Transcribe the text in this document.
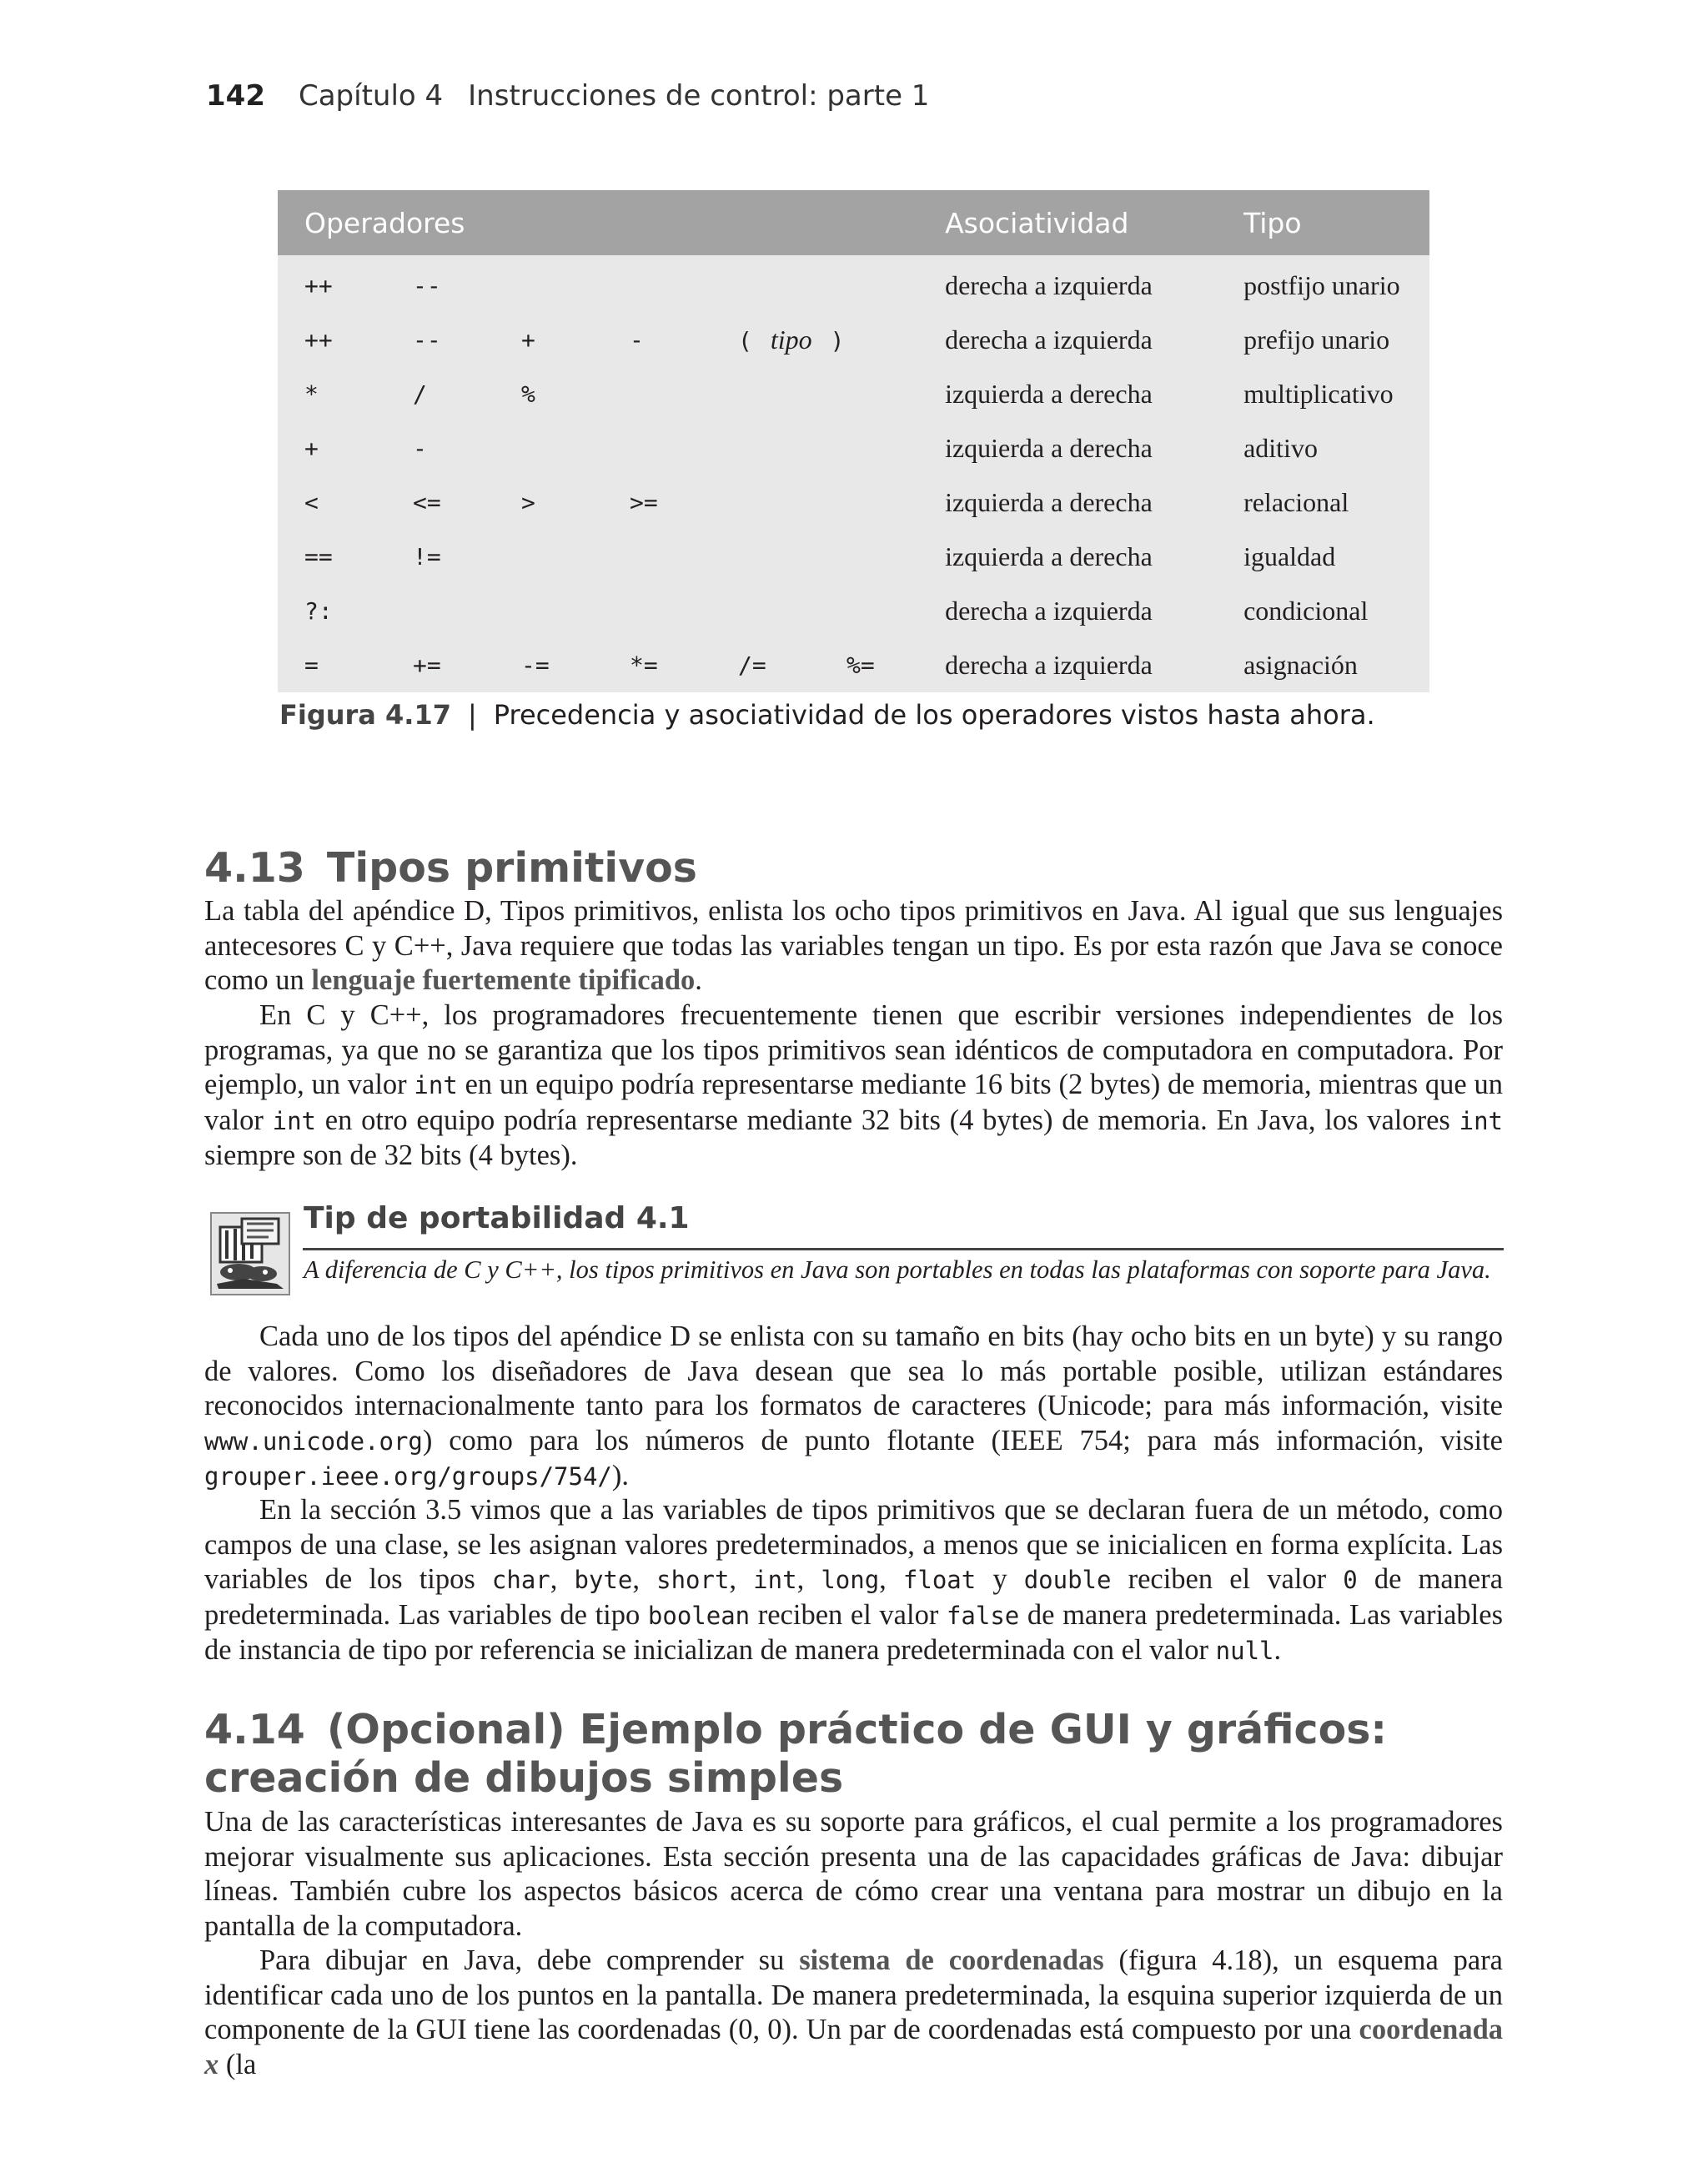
142 Capítulo 4 Instrucciones de control: parte 1
Operadores						Asociatividad	Tipo
++	--					derecha a izquierda	postfijo unario
++	--	+	-	( tipo )		derecha a izquierda	prefijo unario
*	/	%				izquierda a derecha	multiplicativo
+	-					izquierda a derecha	aditivo
<	<=	>	>=			izquierda a derecha	relacional
==	!=					izquierda a derecha	igualdad
?:						derecha a izquierda	condicional
=	+=	-=	*=	/=	%=	derecha a izquierda	asignación
Figura 4.17 | Precedencia y asociatividad de los operadores vistos hasta ahora.
4.13 Tipos primitivos

La tabla del apéndice D, Tipos primitivos, enlista los ocho tipos primitivos en Java. Al igual que sus lenguajes antecesores C y C++, Java requiere que todas las variables tengan un tipo. Es por esta razón que Java se conoce como un lenguaje fuertemente tipificado.

En C y C++, los programadores frecuentemente tienen que escribir versiones independientes de los programas, ya que no se garantiza que los tipos primitivos sean idénticos de computadora en computadora. Por ejemplo, un valor int en un equipo podría representarse mediante 16 bits (2 bytes) de memoria, mientras que un valor int en otro equipo podría representarse mediante 32 bits (4 bytes) de memoria. En Java, los valores int siempre son de 32 bits (4 bytes).

Tip de portabilidad 4.1
A diferencia de C y C++, los tipos primitivos en Java son portables en todas las plataformas con soporte para Java.

Cada uno de los tipos del apéndice D se enlista con su tamaño en bits (hay ocho bits en un byte) y su rango de valores. Como los diseñadores de Java desean que sea lo más portable posible, utilizan estándares reconocidos internacionalmente tanto para los formatos de caracteres (Unicode; para más información, visite www.unicode.org) como para los números de punto flotante (IEEE 754; para más información, visite grouper.ieee.org/groups/754/).

En la sección 3.5 vimos que a las variables de tipos primitivos que se declaran fuera de un método, como campos de una clase, se les asignan valores predeterminados, a menos que se inicialicen en forma explícita. Las variables de los tipos char, byte, short, int, long, float y double reciben el valor 0 de manera predeterminada. Las variables de tipo boolean reciben el valor false de manera predeterminada. Las variables de instancia de tipo por referencia se inicializan de manera predeterminada con el valor null.

4.14 (Opcional) Ejemplo práctico de GUI y gráficos:
creación de dibujos simples

Una de las características interesantes de Java es su soporte para gráficos, el cual permite a los programadores mejorar visualmente sus aplicaciones. Esta sección presenta una de las capacidades gráficas de Java: dibujar líneas. También cubre los aspectos básicos acerca de cómo crear una ventana para mostrar un dibujo en la pantalla de la computadora.

Para dibujar en Java, debe comprender su sistema de coordenadas (figura 4.18), un esquema para identificar cada uno de los puntos en la pantalla. De manera predeterminada, la esquina superior izquierda de un componente de la GUI tiene las coordenadas (0, 0). Un par de coordenadas está compuesto por una coordenada x (la
